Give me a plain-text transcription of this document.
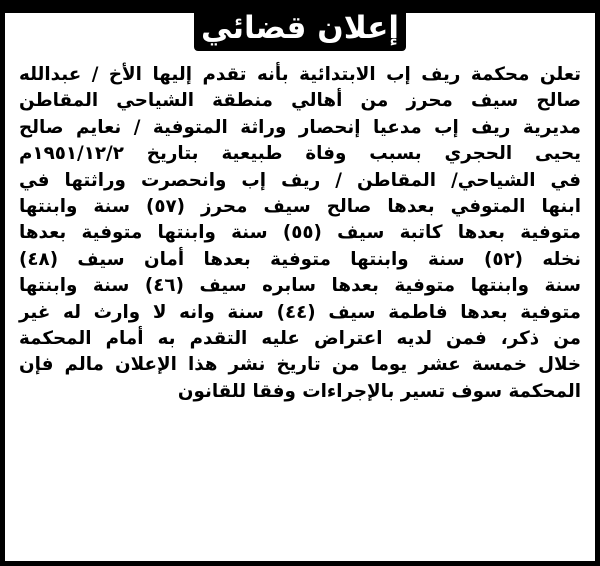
إعلان قضائي
تعلن محكمة ريف إب الابتدائية بأنه تقدم إليها الأخ / عبدالله
صالح سيف محرز من أهالي منطقة الشياحي المقاطن
مديرية ريف إب مدعيا إنحصار وراثة المتوفية / نعايم صالح
يحيى الحجري بسبب وفاة طبيعية بتاريخ ١٩٥١/١٢/٢م
في الشياحي/ المقاطن / ريف إب وانحصرت وراثتها في
ابنها المتوفي بعدها صالح سيف محرز (٥٧) سنة وابنتها
متوفية بعدها كاتبة سيف (٥٥) سنة وابنتها متوفية بعدها
نخله (٥٢) سنة وابنتها متوفية بعدها أمان سيف (٤٨)
سنة وابنتها متوفية بعدها سابره سيف (٤٦) سنة وابنتها
متوفية بعدها فاطمة سيف (٤٤) سنة وانه لا وارث له غير
من ذكر، فمن لديه اعتراض عليه التقدم به أمام المحكمة
خلال خمسة عشر يوما من تاريخ نشر هذا الإعلان مالم فإن
المحكمة سوف تسير بالإجراءات وفقا للقانون
